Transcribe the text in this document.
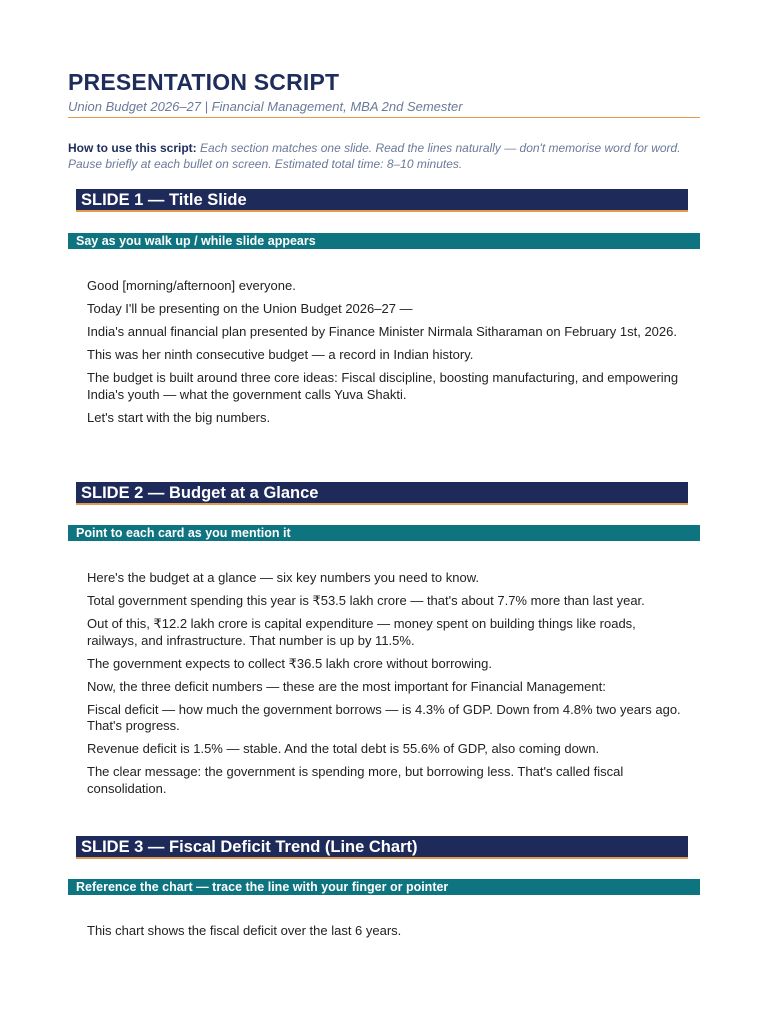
PRESENTATION SCRIPT
Union Budget 2026–27 | Financial Management, MBA 2nd Semester
How to use this script: Each section matches one slide. Read the lines naturally — don't memorise word for word. Pause briefly at each bullet on screen. Estimated total time: 8–10 minutes.
SLIDE 1 — Title Slide
Say as you walk up / while slide appears
Good [morning/afternoon] everyone.
Today I'll be presenting on the Union Budget 2026–27 —
India's annual financial plan presented by Finance Minister Nirmala Sitharaman on February 1st, 2026.
This was her ninth consecutive budget — a record in Indian history.
The budget is built around three core ideas: Fiscal discipline, boosting manufacturing, and empowering India's youth — what the government calls Yuva Shakti.
Let's start with the big numbers.
SLIDE 2 — Budget at a Glance
Point to each card as you mention it
Here's the budget at a glance — six key numbers you need to know.
Total government spending this year is ₹53.5 lakh crore — that's about 7.7% more than last year.
Out of this, ₹12.2 lakh crore is capital expenditure — money spent on building things like roads, railways, and infrastructure. That number is up by 11.5%.
The government expects to collect ₹36.5 lakh crore without borrowing.
Now, the three deficit numbers — these are the most important for Financial Management:
Fiscal deficit — how much the government borrows — is 4.3% of GDP. Down from 4.8% two years ago. That's progress.
Revenue deficit is 1.5% — stable. And the total debt is 55.6% of GDP, also coming down.
The clear message: the government is spending more, but borrowing less. That's called fiscal consolidation.
SLIDE 3 — Fiscal Deficit Trend (Line Chart)
Reference the chart — trace the line with your finger or pointer
This chart shows the fiscal deficit over the last 6 years.
